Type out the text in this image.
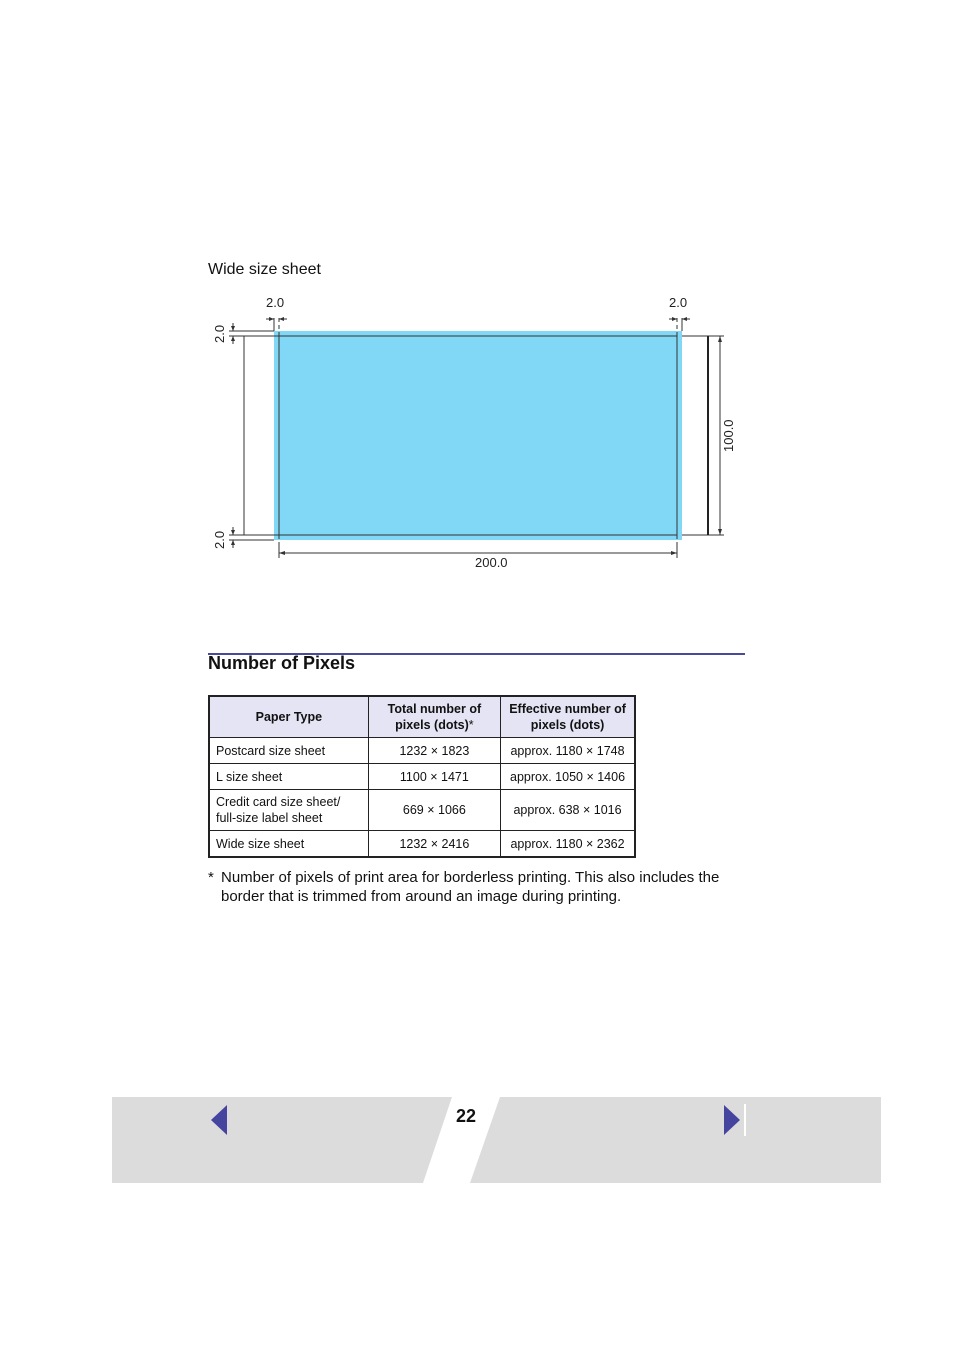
Wide size sheet
2.0	2.0
2.0
2.0
100.0
200.0
Number of Pixels
Paper Type	Total number of pixels (dots)*	Effective number of pixels (dots)
Postcard size sheet	1232 × 1823	approx. 1180 × 1748
L size sheet	1100 × 1471	approx. 1050 × 1406
Credit card size sheet/
full-size label sheet	669 × 1066	approx. 638 × 1016
Wide size sheet	1232 × 2416	approx. 1180 × 2362
* Number of pixels of print area for borderless printing. This also includes the border that is trimmed from around an image during printing.
22
